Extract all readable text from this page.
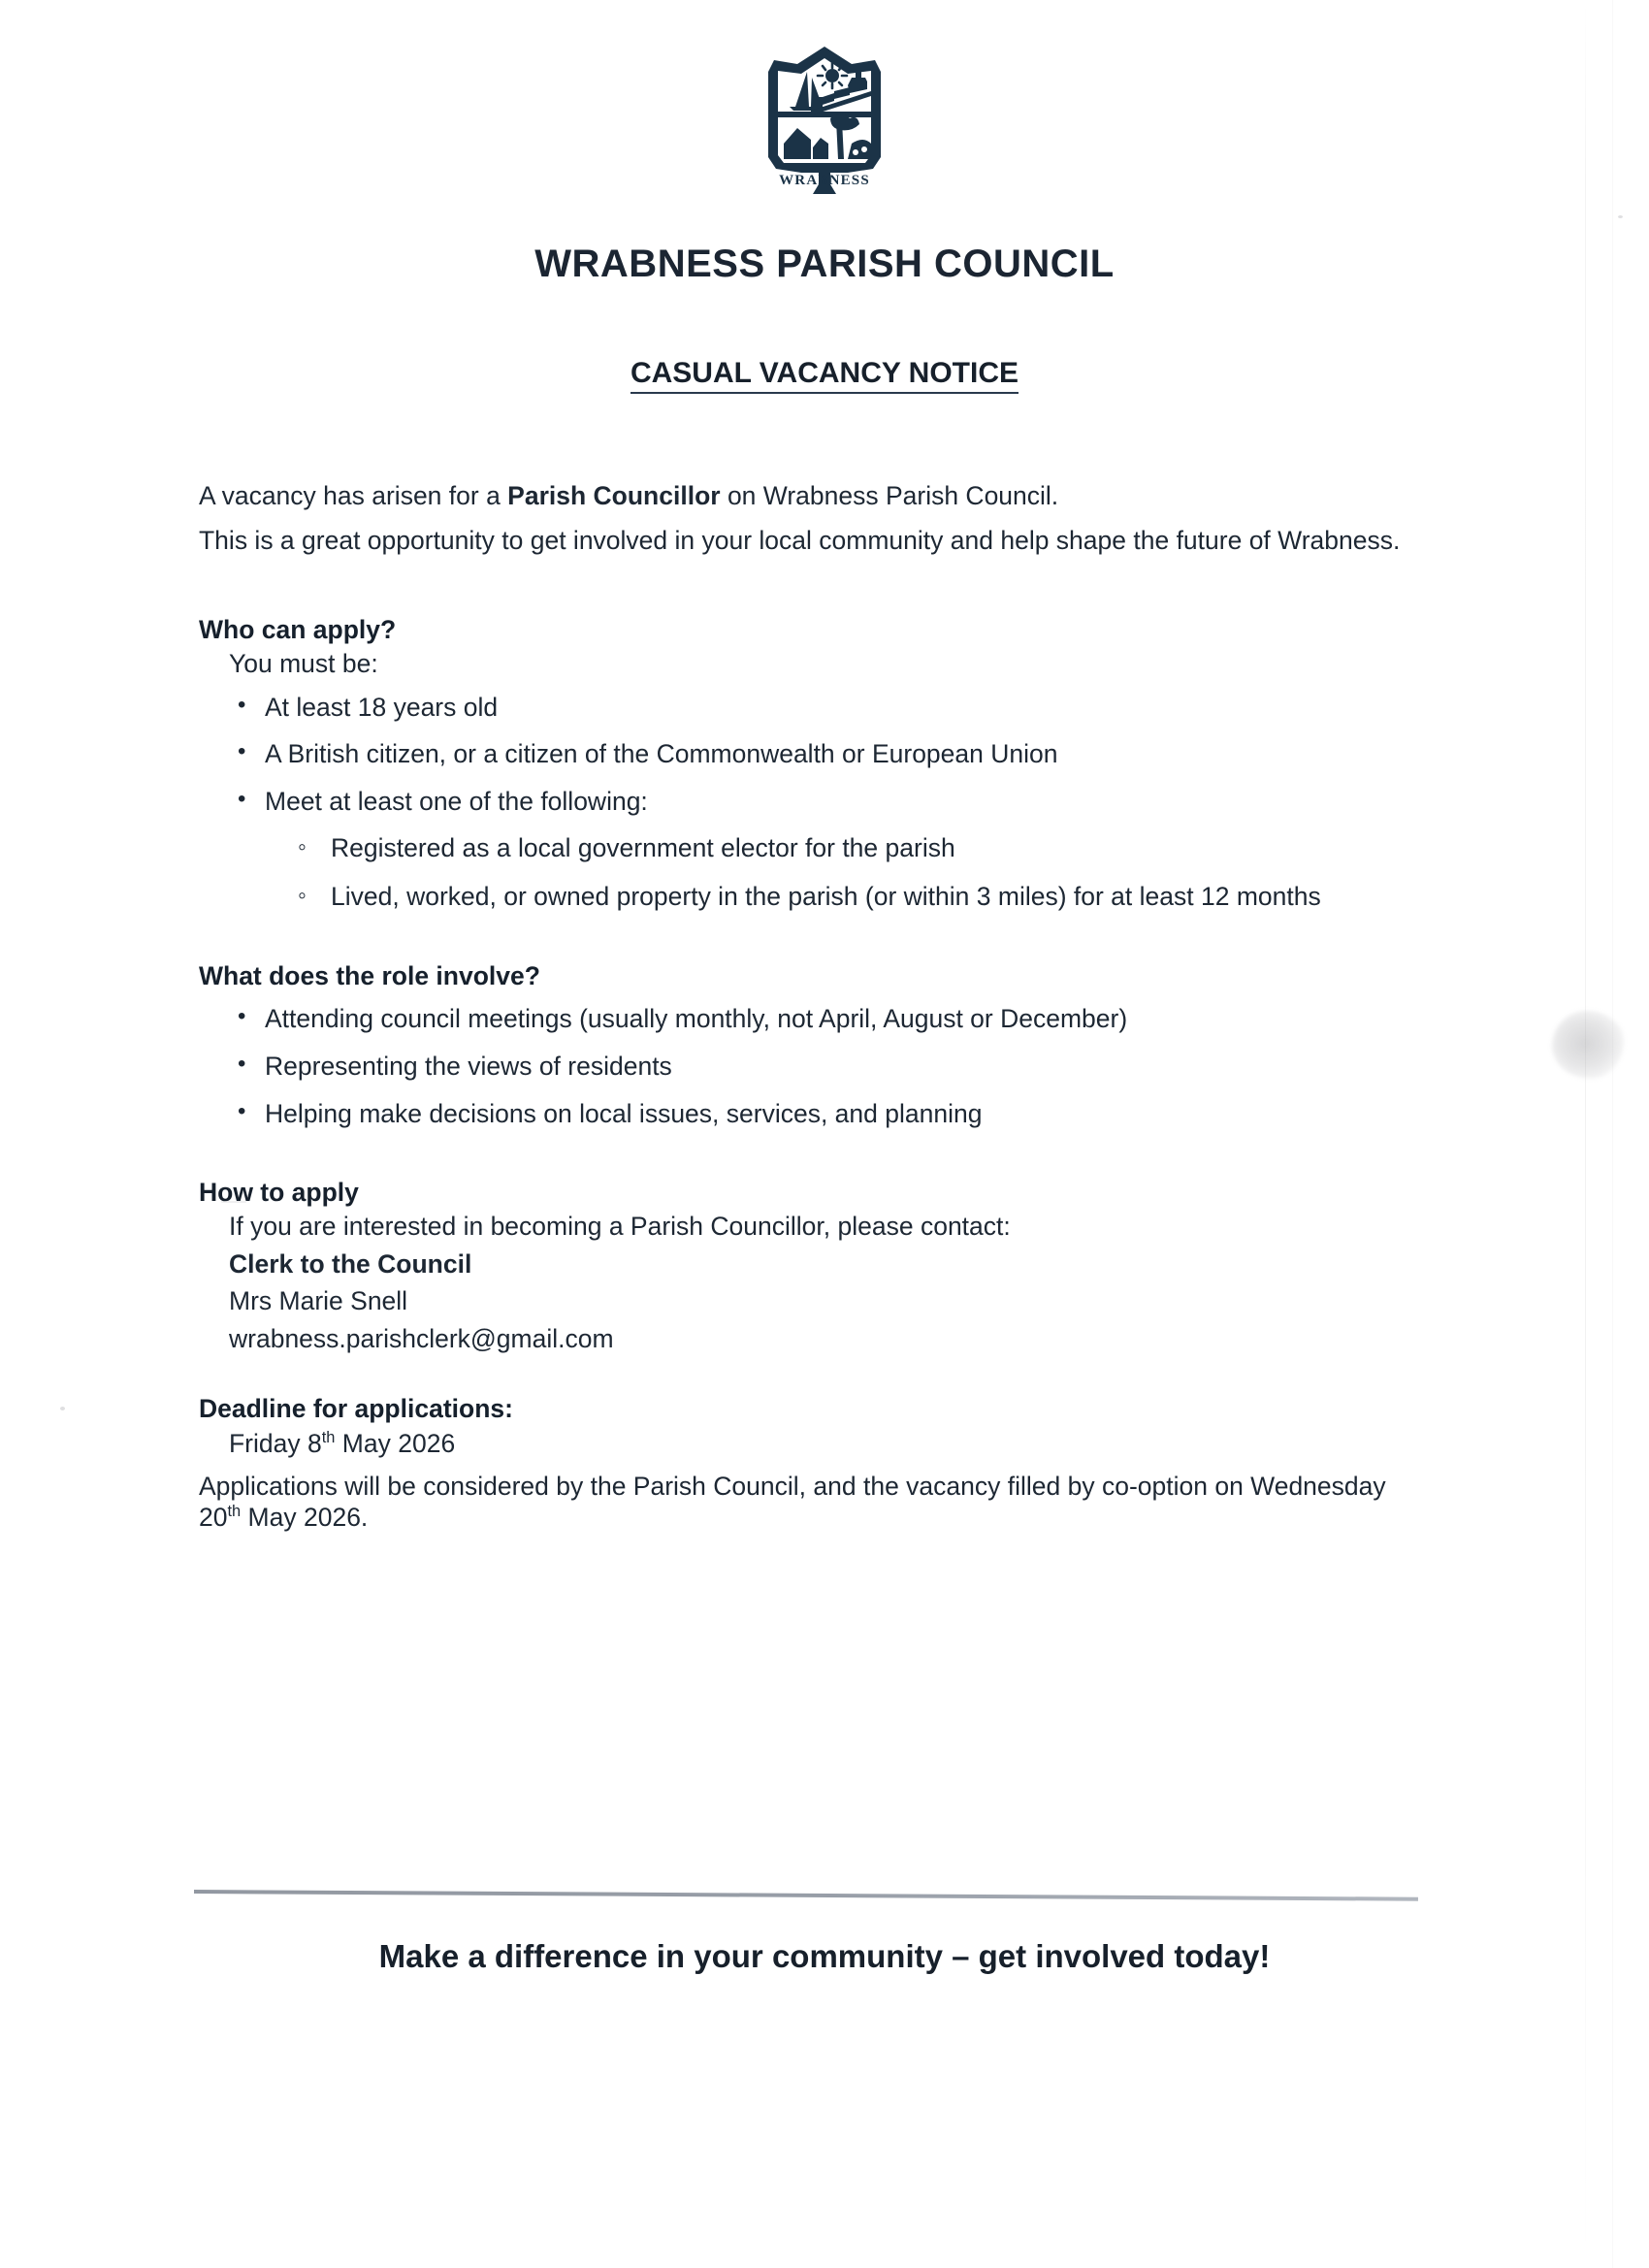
WRABNESS
WRABNESS PARISH COUNCIL
CASUAL VACANCY NOTICE

A vacancy has arisen for a Parish Councillor on Wrabness Parish Council.

This is a great opportunity to get involved in your local community and help shape the future of Wrabness.

Who can apply?

You must be:

• At least 18 years old
• A British citizen, or a citizen of the Commonwealth or European Union
• Meet at least one of the following:
◦ Registered as a local government elector for the parish
◦ Lived, worked, or owned property in the parish (or within 3 miles) for at least 12 months

What does the role involve?

• Attending council meetings (usually monthly, not April, August or December)
• Representing the views of residents
• Helping make decisions on local issues, services, and planning

How to apply

If you are interested in becoming a Parish Councillor, please contact:

Clerk to the Council

Mrs Marie Snell

wrabness.parishclerk@gmail.com

Deadline for applications:

Friday 8th May 2026

Applications will be considered by the Parish Council, and the vacancy filled by co-option on Wednesday 20th May 2026.

Make a difference in your community – get involved today!
